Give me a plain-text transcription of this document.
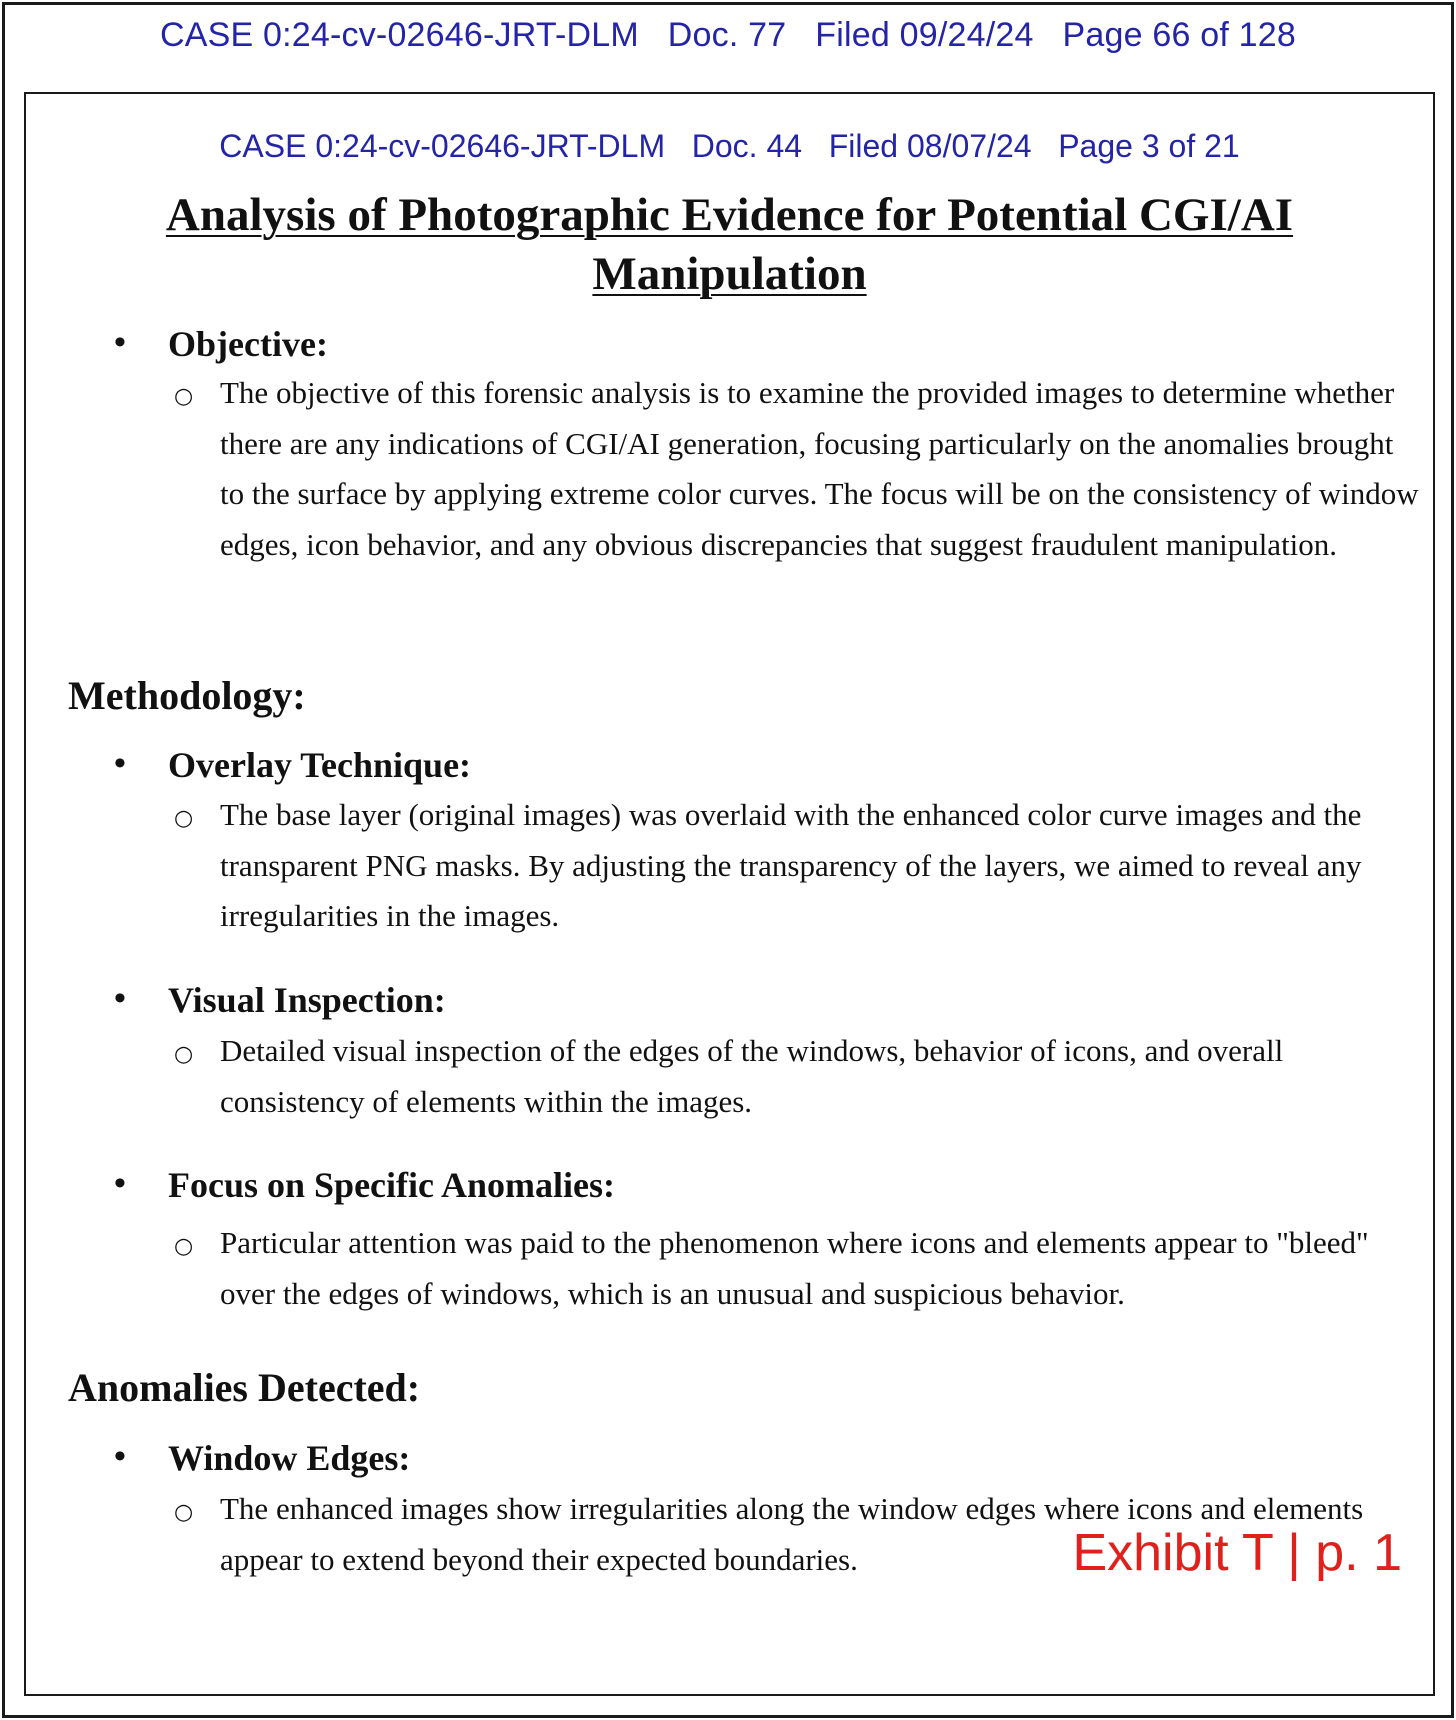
CASE 0:24-cv-02646-JRT-DLM   Doc. 77   Filed 09/24/24   Page 66 of 128
CASE 0:24-cv-02646-JRT-DLM   Doc. 44   Filed 08/07/24   Page 3 of 21
Analysis of Photographic Evidence for Potential CGI/AI
Manipulation
• Objective:
○ The objective of this forensic analysis is to examine the provided images to determine whether there are any indications of CGI/AI generation, focusing particularly on the anomalies brought to the surface by applying extreme color curves. The focus will be on the consistency of window edges, icon behavior, and any obvious discrepancies that suggest fraudulent manipulation.
Methodology:
• Overlay Technique:
○ The base layer (original images) was overlaid with the enhanced color curve images and the transparent PNG masks. By adjusting the transparency of the layers, we aimed to reveal any irregularities in the images.
• Visual Inspection:
○ Detailed visual inspection of the edges of the windows, behavior of icons, and overall consistency of elements within the images.
• Focus on Specific Anomalies:
○ Particular attention was paid to the phenomenon where icons and elements appear to "bleed" over the edges of windows, which is an unusual and suspicious behavior.
Anomalies Detected:
• Window Edges:
○ The enhanced images show irregularities along the window edges where icons and elements appear to extend beyond their expected boundaries.	Exhibit T | p. 1
